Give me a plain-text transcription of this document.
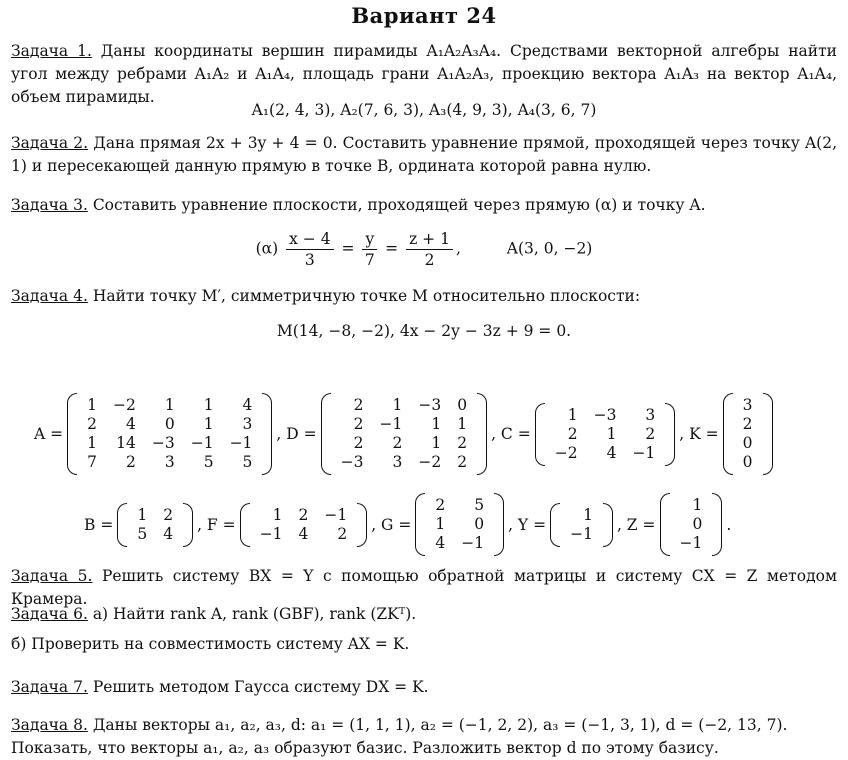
Вариант 24
Задача 1. Даны координаты вершин пирамиды A₁A₂A₃A₄. Средствами векторной алгебры найти угол между ребрами A₁A₂ и A₁A₄, площадь грани A₁A₂A₃, проекцию вектора A₁A₃ на вектор A₁A₄, объем пирамиды.
A₁(2, 4, 3), A₂(7, 6, 3), A₃(4, 9, 3), A₄(3, 6, 7)
Задача 2. Дана прямая 2x + 3y + 4 = 0. Составить уравнение прямой, проходящей через точку A(2, 1) и пересекающей данную прямую в точке B, ордината которой равна нулю.
Задача 3. Составить уравнение плоскости, проходящей через прямую (α) и точку A.
$(\alpha) \frac{x - 4}{3} = \frac{y}{7} = \frac{z + 1}{2}$ ,	A(3, 0, −2)
Задача 4. Найти точку M′, симметричную точке M относительно плоскости:
M(14, −8, −2), 4x − 2y − 3z + 9 = 0.
A =
1	−2	1	1	4
2	4	0	1	3
1	14	−3	−1	−1
7	2	3	5	5
, D =
2	1	−3	0
2	−1	1	1
2	2	1	2
−3	3	−2	2
, C =
1	−3	3
2	1	2
−2	4	−1
, K =
3
2
0
0
B =
1	2
5	4 , F =
1	2	−1
−1	4	2 , G =
2	5
1	0
4	−1
, Y =
1
−1 , Z =
1
0
−1
.
Задача 5. Решить систему BX = Y с помощью обратной матрицы и систему CX = Z методом Крамера.
Задача 6. а) Найти rank A, rank (GBF), rank (ZKᵀ).
б) Проверить на совместимость систему AX = K.
Задача 7. Решить методом Гаусса систему DX = K.
Задача 8. Даны векторы a₁, a₂, a₃, d: a₁ = (1, 1, 1), a₂ = (−1, 2, 2), a₃ = (−1, 3, 1), d = (−2, 13, 7).
Показать, что векторы a₁, a₂, a₃ образуют базис. Разложить вектор d по этому базису.
